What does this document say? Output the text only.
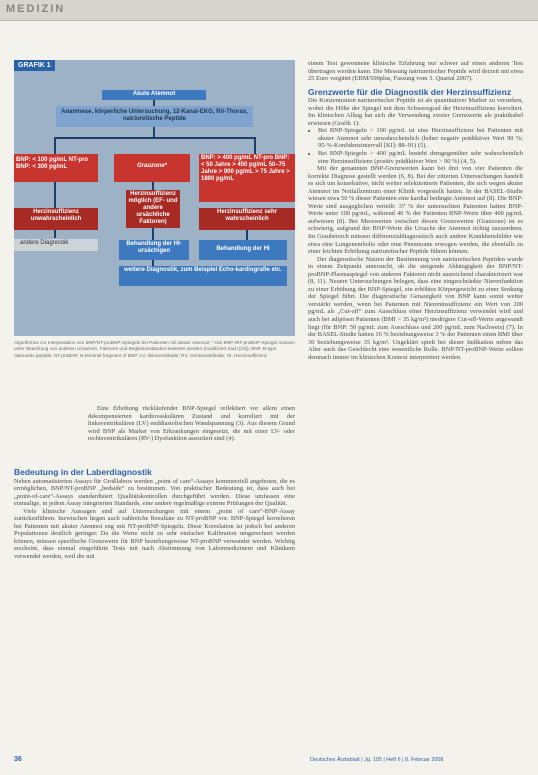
MEDIZIN
GRAFIK 1
Akute Atemnot
Anamnese, körperliche Untersuchung, 12-Kanal-EKG, Rö-Thorax, natriuretische Peptide
BNP: < 100 pg/mL NT-pro BNP: < 300 pg/mL	Grauzone*
BNP: > 400 pg/mL NT-pro BNP: < 50 Jahre > 450 pg/mL 50–75 Jahre > 900 pg/mL > 75 Jahre > 1800 pg/mL
Herzinsuffizienz möglich (EF- und andere ursächliche Faktoren)
Herzinsuffizienz unwahrscheinlich
Herzinsuffizienz sehr wahrscheinlich
andere Diagnostik	Behandlung der HI-ursächigen	Behandlung der HI
weitere Diagnostik, zum Beispiel Echo-kardiografie etc.
Algorithmus zur Interpretation von BNP/NT-proBNP-Spiegeln bei Patienten mit akuter Atemnot; * Die BNP-/NT-proBNP-Spiegel müssen unter Beachtung von anderen Ursachen, Faktoren und Begleitumständen bewertet werden (modifiziert nach [23]); BNP, B-type natriuretic peptide; NT-proBNP, N-terminal fragment of BNP; LV, linksventrikulär; RV, rechtsventrikulär; HI, Herzinsuffizienz

Eine Erhöhung rückläufender BNP-Spiegel reflektiert vor allem einen dekompensierten kardiovaskulären Zustand und korreliert mit der linksventrikulären (LV) enddiastolischen Wandspannung (3). Aus diesem Grund wird BNP als Marker von Erkrankungen eingesetzt, die mit einer LV- oder rechtsventrikulären (RV-) Dysfunktion assoziiert sind (4).

Bedeutung in der Laberdiagnostik

Neben automatisierten Assays für Großlabors werden „point of care“-Assays kommerziell angeboten, die es ermöglichen, BNP/NT-proBNP „bedside“ zu bestimmen. Von praktischer Bedeutung ist, dass auch bei „point-of-care“-Assays standardisiert Qualitätskontrollen durchgeführt werden. Diese umfassen eine einmalige, in jedem Assay integrierten Standards, eine andere regelmäßige externe Prüfungen der Qualität.

Viele klinische Aussagen sind auf Untersuchungen mit einem „point of care“-BNP-Assay zurückzuführen. Inzwischen liegen auch zahlreiche Resultate zu NT-proBNP vor. BNP-Spiegel korrelieren bei Patienten mit akuter Atemnot eng mit NT-proBNP-Spiegeln. Diese Korrelation ist jedoch bei anderen Populationen deutlich geringer. Da die Werte nicht zu sehr einfacher Kalibration umgerechnet werden können, müssen spezifische Grenzwerte für BNP beziehungsweise NT-proBNP verwendet werden. Wichtig erscheint, dass einmal eingeführte Tests mit nach Abstimmung von Labormedizinern und Klinikern verwendet werden, weil die mit

einem Test gewonnene klinische Erfahrung nur schwer auf einen anderen Test übertragen werden kann. Die Messung natriuretischer Peptide wird derzeit mit etwa 25 Euro vergütet (EBM/500plus, Fassung vom 3. Quartal 2007).

Grenzwerte für die Diagnostik der Herzinsuffizienz

Die Konzentration natriuretischer Peptide ist als quantitativer Marker zu verstehen, wobei die Höhe der Spiegel mit dem Schweregrad der Herzinsuffizienz korreliert. Im klinischen Alltag hat sich die Verwendung zweier Grenzwerte als praktikabel erwiesen (Grafik 1):

• Bei BNP-Spiegeln < 100 pg/mL ist eine Herzinsuffizienz bei Patienten mit akuter Atemnot sehr unwahrscheinlich (hoher negativ prädiktiver Wert 90 %; 95-%-Konfidenzintervall [KI]: 88–91) (5).
• Bei BNP-Spiegeln > 400 pg/mL besteht demgegenüber sehr wahrscheinlich eine Herzinsuffizienz (positiv prädiktiver Wert > 90 %) (4, 5).

Mit der genannten BNP-Grenzwerten kann bei drei von vier Patienten die korrekte Diagnose gestellt werden (6, 8). Bei der zitierten Untersuchungen handelt es sich um konsekutive, nicht weiter selektionierte Patienten, die sich wegen akuter Atemnot im Notfallzentrum einer Klinik vorgestellt hatten. In der BASEL-Studie wiesen etwa 50 % dieser Patienten eine kardial bedingte Atemnot auf (8). Die BNP-Werte sind ausgeglichen verteilt: 37 % der untersuchten Patienten hatten BNP-Werte unter 100 pg/mL, während 40 % der Patienten BNP-Werte über 400 pg/mL aufwiesen (8). Bei Messwerten zwischen diesen Grenzwerten (Grauzone) ist es schwierig, aufgrund der BNP-Werte die Ursache der Atemnot richtig zuzuordnen. Im Graubereich müssen differenzialdiagnostisch auch andere Krankheitsbilder wie etwa eine Lungenembolie oder eine Pneumonie erwogen werden, die ebenfalls zu einer leichten Erhöhung natriuretischer Peptide führen können.

Der diagnostische Nutzen der Bestimmung von natriuretischen Peptiden wurde in einem Zeitpunkt untersucht, ob die steigende Abhängigkeit der BNP/NT-proBNP-Plasmaspiegel von anderen Faktoren nicht ausreichend charakterisiert war (8, 11). Neuere Untersuchungen belegen, dass eine eingeschränkte Nierenfunktion zu einer Erhöhung der BNP-Spiegel, ein erhöhtes Körpergewicht zu einer Senkung der Spiegel führt. Die diagnostische Genauigkeit von BNP kann somit weiter verstärkt werden, wenn bei Patienten mit Niereninsuffizienz ein Wert von 200 pg/mL als „Cut-off“ zum Ausschluss einer Herzinsuffizienz verwendet wird und auch bei adipösen Patienten (BMI > 35 kg/m²) niedrigere Cut-off-Werte angewandt liegt (für BNP: 50 pg/mL zum Ausschluss und 200 pg/mL zum Nachweis) (7). In der BASEL-Studie hatten 16 % beziehungsweise 3 % der Patienten einen BMI über 30 beziehungsweise 35 kg/m². Ungeklärt spielt bei dieser Indikation neben das Alter auch das Geschlecht eine wesentliche Rolle. BNP/NT-proBNP-Werte sollten demnach immer im klinischen Kontext interpretiert werden.

36	Deutsches Ärzteblatt | Jg. 105 | Heft 6 | 8. Februar 2008
